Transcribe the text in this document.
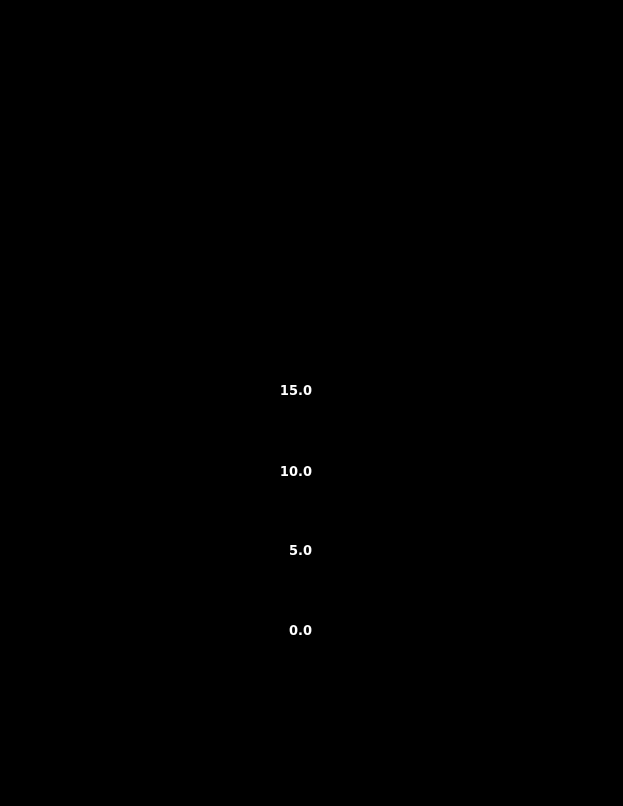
15.0
10.0
5.0
0.0
